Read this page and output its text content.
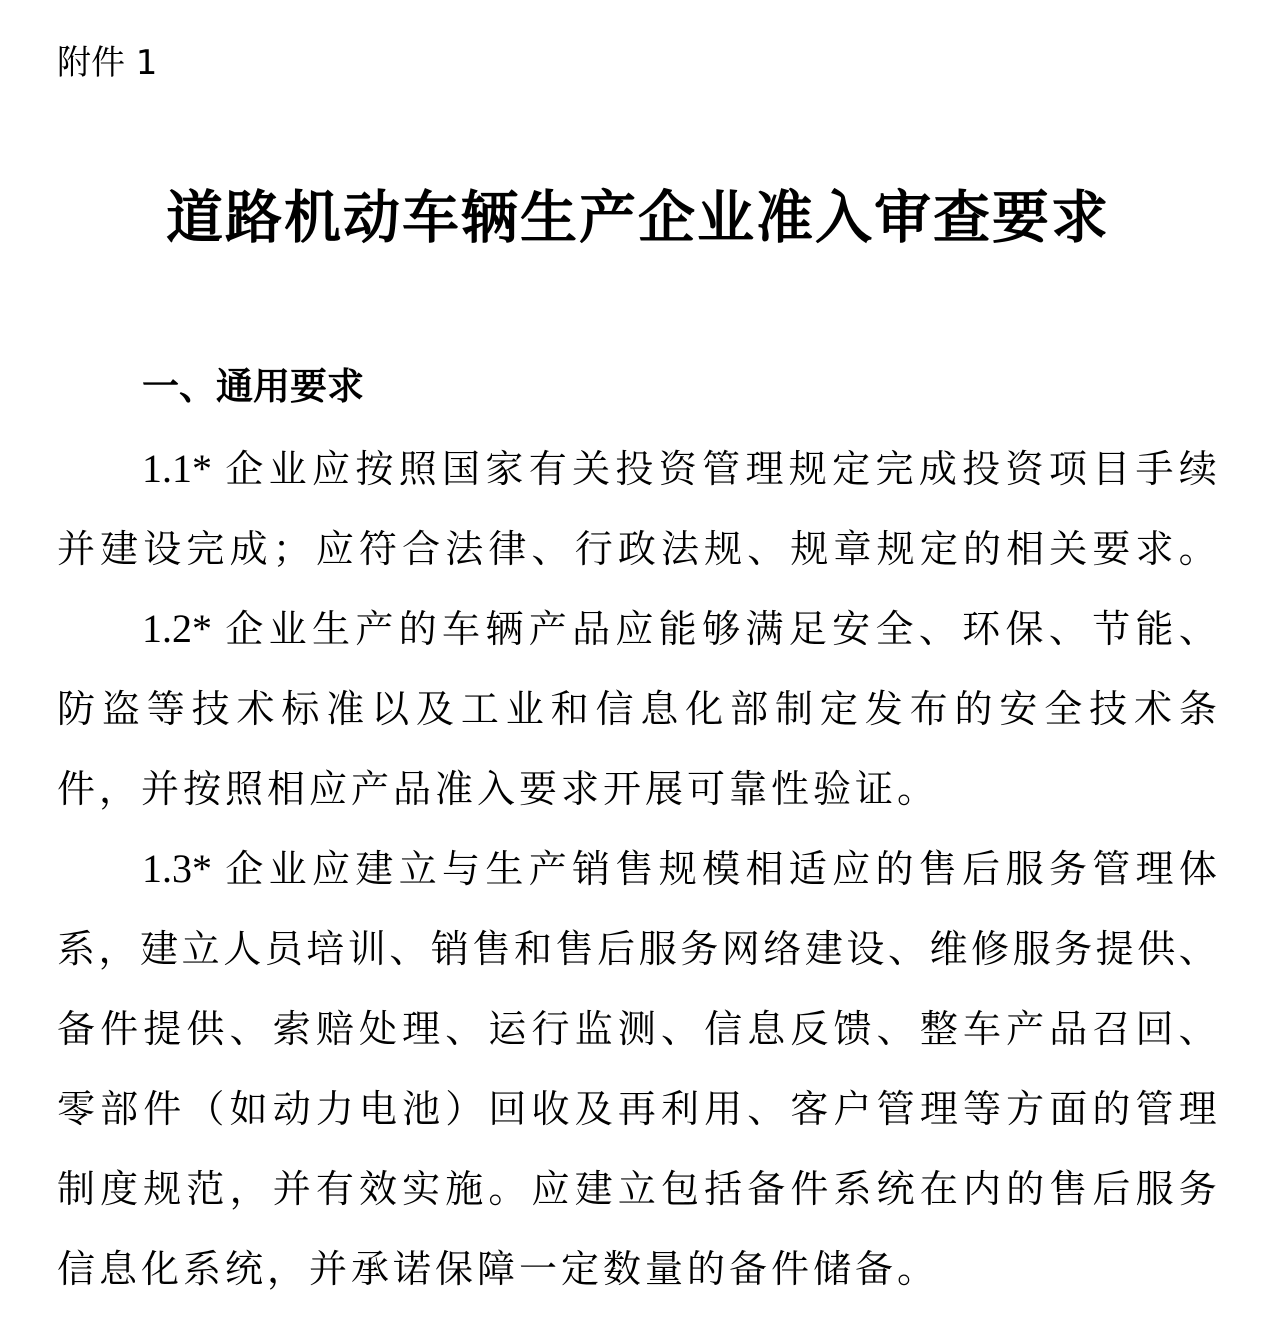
附件 1
道路机动车辆生产企业准入审查要求
一、通用要求
1.1* 企 业 应 按 照 国 家 有 关 投 资 管 理 规 定 完 成 投 资 项 目 手 续
并 建 设 完 成 ； 应 符 合 法 律 、 行 政 法 规 、 规 章 规 定 的 相 关 要 求 。
1.2* 企 业 生 产 的 车 辆 产 品 应 能 够 满 足 安 全 、 环 保 、 节 能 、
防 盗 等 技 术 标 准 以 及 工 业 和 信 息 化 部 制 定 发 布 的 安 全 技 术 条
件，并按照相应产品准入要求开展可靠性验证。
1.3* 企 业 应 建 立 与 生 产 销 售 规 模 相 适 应 的 售 后 服 务 管 理 体
系 ， 建 立 人 员 培 训 、 销 售 和 售 后 服 务 网 络 建 设 、 维 修 服 务 提 供 、
备 件 提 供 、 索 赔 处 理 、 运 行 监 测 、 信 息 反 馈 、 整 车 产 品 召 回 、
零 部 件 （ 如 动 力 电 池 ） 回 收 及 再 利 用 、 客 户 管 理 等 方 面 的 管 理
制 度 规 范 ， 并 有 效 实 施 。 应 建 立 包 括 备 件 系 统 在 内 的 售 后 服 务
信息化系统，并承诺保障一定数量的备件储备。
